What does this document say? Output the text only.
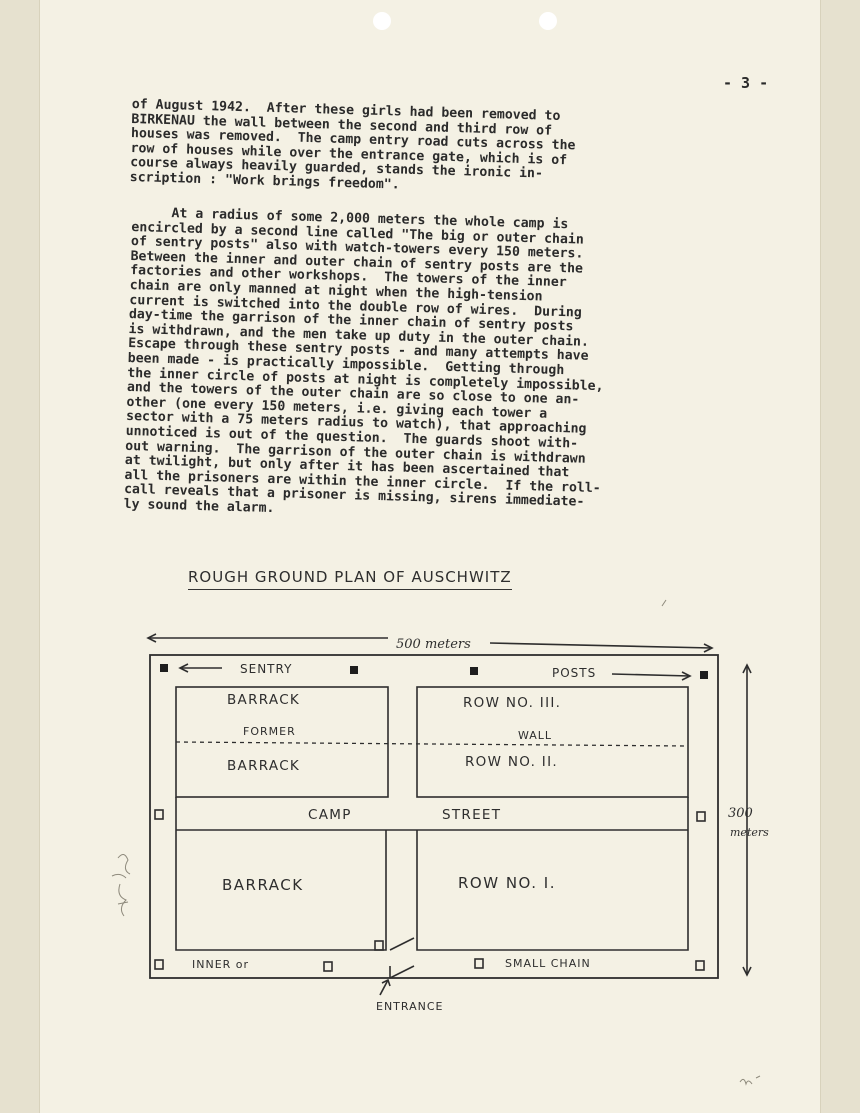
- 3 -
of August 1942.  After these girls had been removed to
BIRKENAU the wall between the second and third row of
houses was removed.  The camp entry road cuts across the
row of houses while over the entrance gate, which is of
course always heavily guarded, stands the ironic in-
scription : "Work brings freedom".
At a radius of some 2,000 meters the whole camp is
encircled by a second line called "The big or outer chain
of sentry posts" also with watch-towers every 150 meters.
Between the inner and outer chain of sentry posts are the
factories and other workshops.  The towers of the inner
chain are only manned at night when the high-tension
current is switched into the double row of wires.  During
day-time the garrison of the inner chain of sentry posts
is withdrawn, and the men take up duty in the outer chain.
Escape through these sentry posts - and many attempts have
been made - is practically impossible.  Getting through
the inner circle of posts at night is completely impossible,
and the towers of the outer chain are so close to one an-
other (one every 150 meters, i.e. giving each tower a
sector with a 75 meters radius to watch), that approaching
unnoticed is out of the question.  The guards shoot with-
out warning.  The garrison of the outer chain is withdrawn
at twilight, but only after it has been ascertained that
all the prisoners are within the inner circle.  If the roll-
call reveals that a prisoner is missing, sirens immediate-
ly sound the alarm.
ROUGH GROUND PLAN OF AUSCHWITZ
500 meters
300
meters
SENTRY	POSTS
BARRACK
FORMER
BARRACK
ROW NO. III.
WALL
ROW NO. II.
CAMP	STREET
BARRACK	ROW NO. I.
INNER or	SMALL CHAIN
ENTRANCE
